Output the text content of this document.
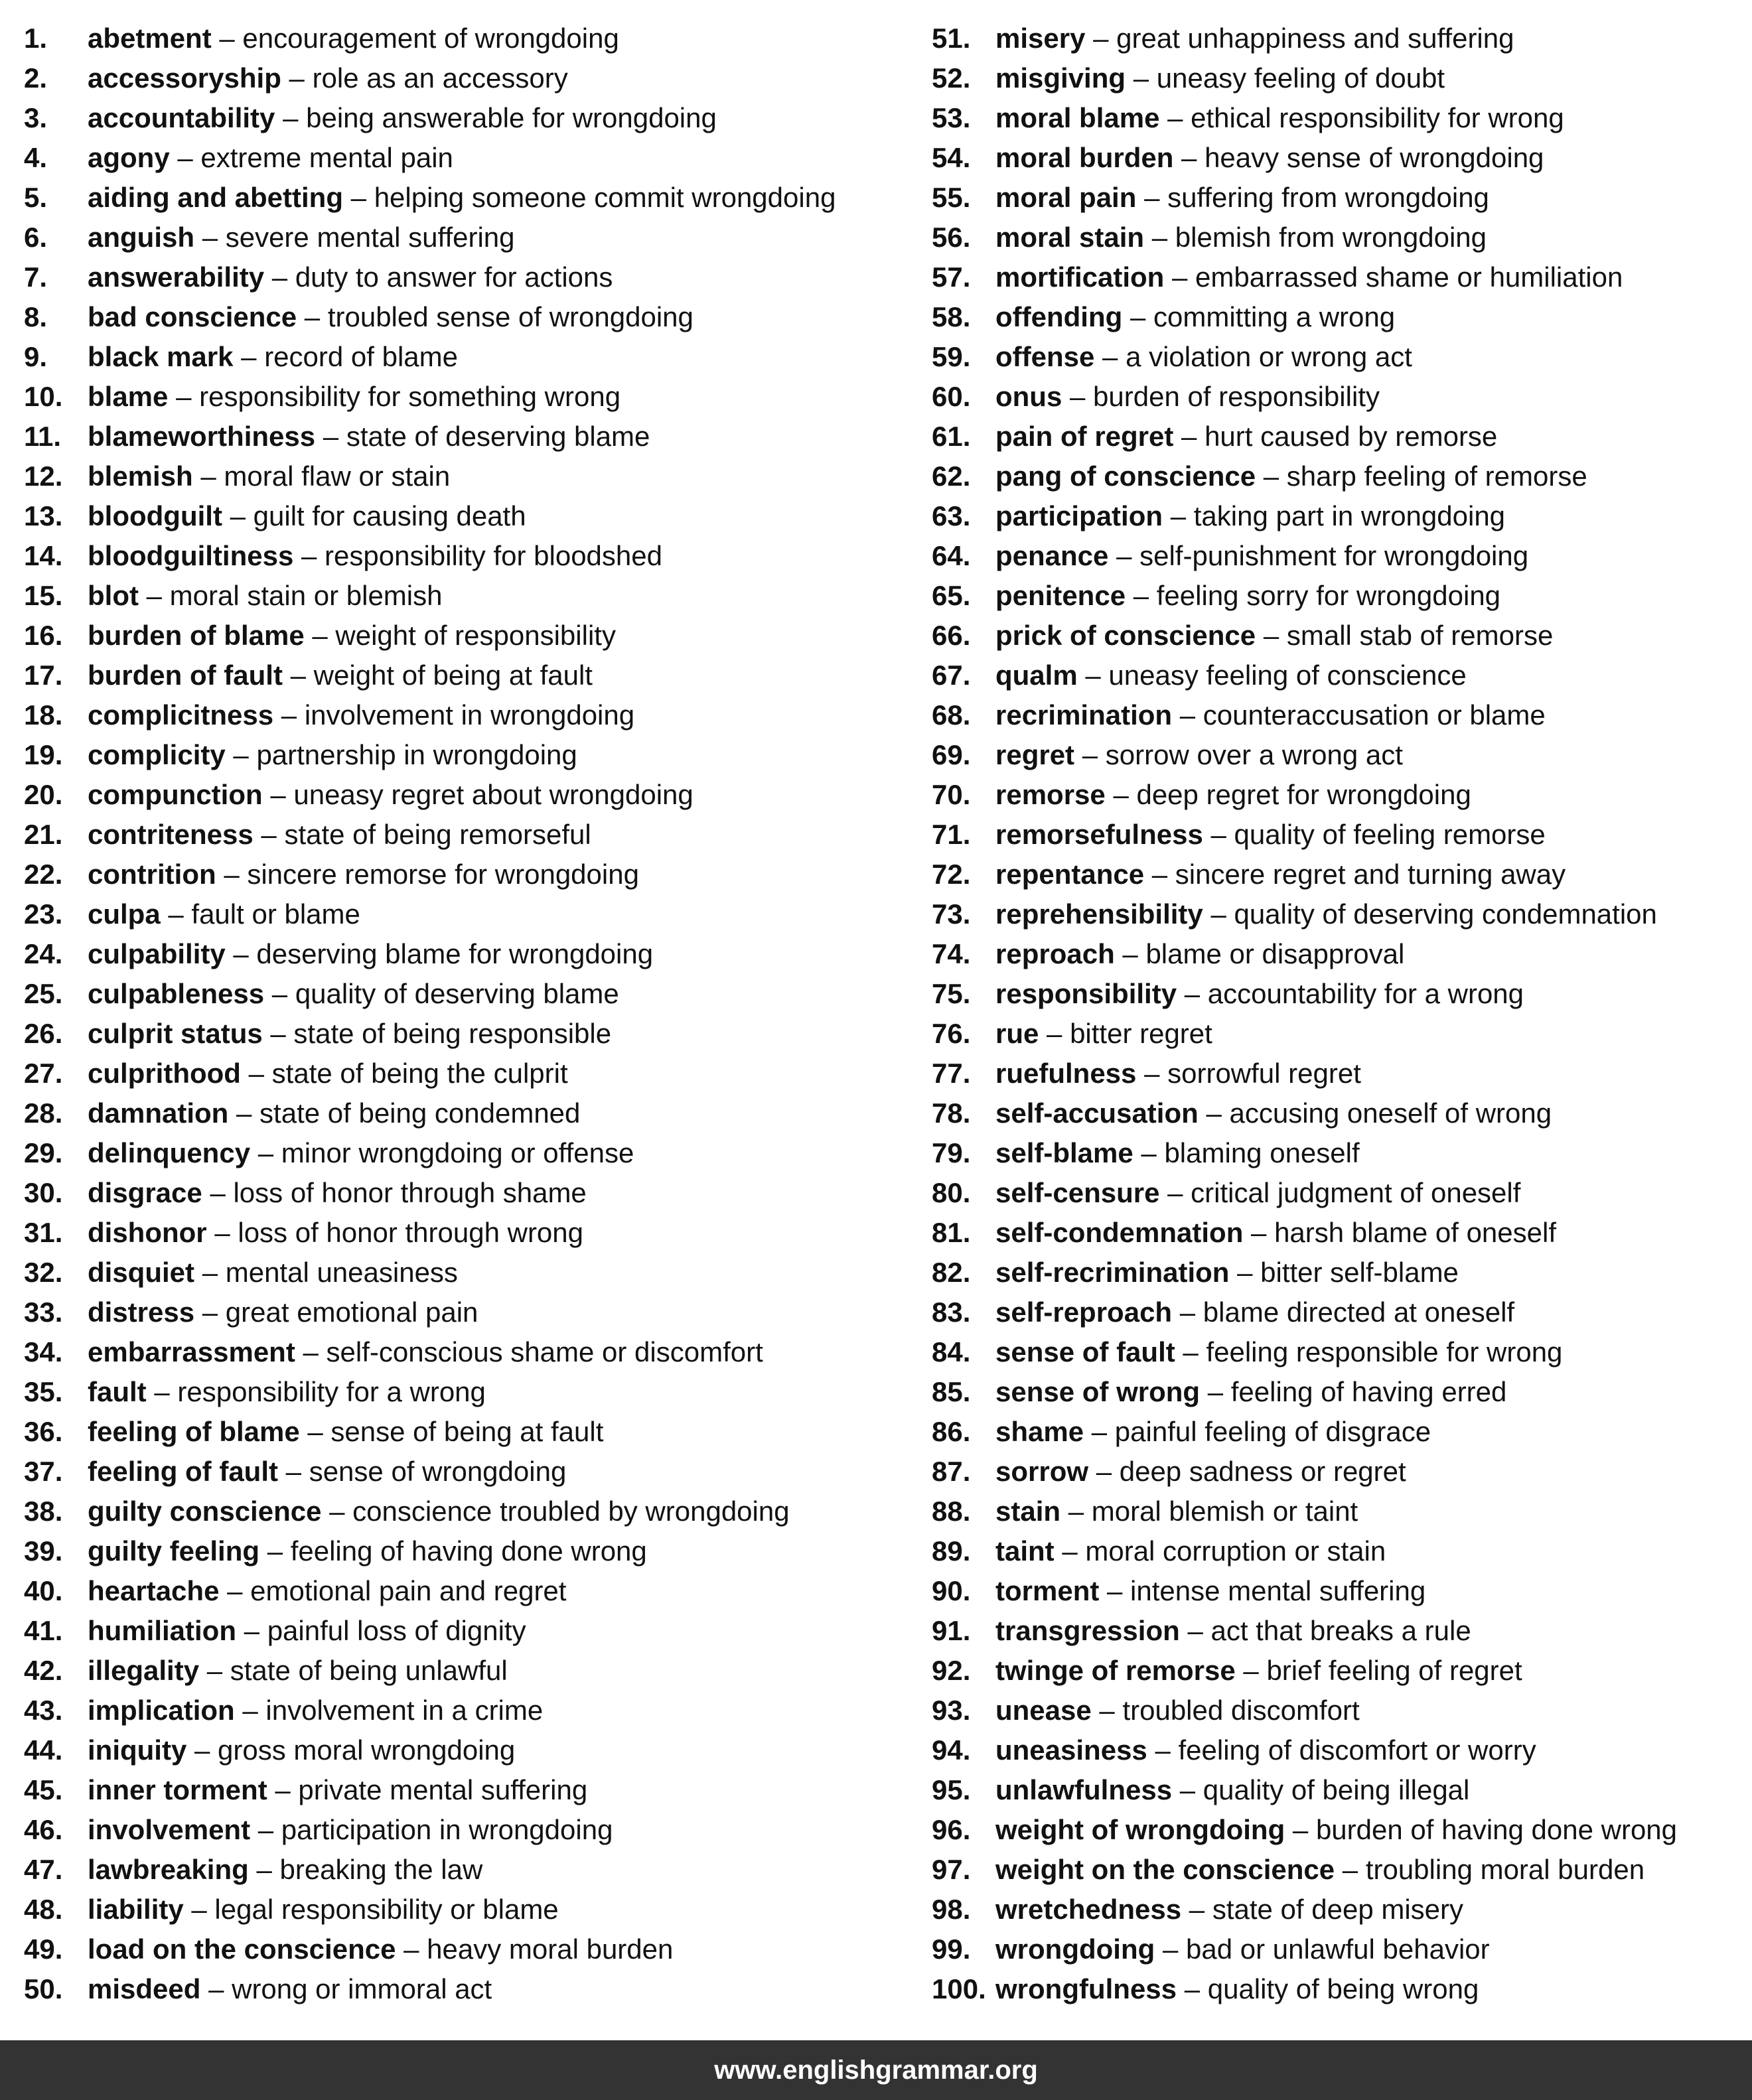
1. abetment – encouragement of wrongdoing
2. accessoryship – role as an accessory
3. accountability – being answerable for wrongdoing
4. agony – extreme mental pain
5. aiding and abetting – helping someone commit wrongdoing
6. anguish – severe mental suffering
7. answerability – duty to answer for actions
8. bad conscience – troubled sense of wrongdoing
9. black mark – record of blame
10. blame – responsibility for something wrong
11. blameworthiness – state of deserving blame
12. blemish – moral flaw or stain
13. bloodguilt – guilt for causing death
14. bloodguiltiness – responsibility for bloodshed
15. blot – moral stain or blemish
16. burden of blame – weight of responsibility
17. burden of fault – weight of being at fault
18. complicitness – involvement in wrongdoing
19. complicity – partnership in wrongdoing
20. compunction – uneasy regret about wrongdoing
21. contriteness – state of being remorseful
22. contrition – sincere remorse for wrongdoing
23. culpa – fault or blame
24. culpability – deserving blame for wrongdoing
25. culpableness – quality of deserving blame
26. culprit status – state of being responsible
27. culprithood – state of being the culprit
28. damnation – state of being condemned
29. delinquency – minor wrongdoing or offense
30. disgrace – loss of honor through shame
31. dishonor – loss of honor through wrong
32. disquiet – mental uneasiness
33. distress – great emotional pain
34. embarrassment – self-conscious shame or discomfort
35. fault – responsibility for a wrong
36. feeling of blame – sense of being at fault
37. feeling of fault – sense of wrongdoing
38. guilty conscience – conscience troubled by wrongdoing
39. guilty feeling – feeling of having done wrong
40. heartache – emotional pain and regret
41. humiliation – painful loss of dignity
42. illegality – state of being unlawful
43. implication – involvement in a crime
44. iniquity – gross moral wrongdoing
45. inner torment – private mental suffering
46. involvement – participation in wrongdoing
47. lawbreaking – breaking the law
48. liability – legal responsibility or blame
49. load on the conscience – heavy moral burden
50. misdeed – wrong or immoral act
51. misery – great unhappiness and suffering
52. misgiving – uneasy feeling of doubt
53. moral blame – ethical responsibility for wrong
54. moral burden – heavy sense of wrongdoing
55. moral pain – suffering from wrongdoing
56. moral stain – blemish from wrongdoing
57. mortification – embarrassed shame or humiliation
58. offending – committing a wrong
59. offense – a violation or wrong act
60. onus – burden of responsibility
61. pain of regret – hurt caused by remorse
62. pang of conscience – sharp feeling of remorse
63. participation – taking part in wrongdoing
64. penance – self-punishment for wrongdoing
65. penitence – feeling sorry for wrongdoing
66. prick of conscience – small stab of remorse
67. qualm – uneasy feeling of conscience
68. recrimination – counteraccusation or blame
69. regret – sorrow over a wrong act
70. remorse – deep regret for wrongdoing
71. remorsefulness – quality of feeling remorse
72. repentance – sincere regret and turning away
73. reprehensibility – quality of deserving condemnation
74. reproach – blame or disapproval
75. responsibility – accountability for a wrong
76. rue – bitter regret
77. ruefulness – sorrowful regret
78. self-accusation – accusing oneself of wrong
79. self-blame – blaming oneself
80. self-censure – critical judgment of oneself
81. self-condemnation – harsh blame of oneself
82. self-recrimination – bitter self-blame
83. self-reproach – blame directed at oneself
84. sense of fault – feeling responsible for wrong
85. sense of wrong – feeling of having erred
86. shame – painful feeling of disgrace
87. sorrow – deep sadness or regret
88. stain – moral blemish or taint
89. taint – moral corruption or stain
90. torment – intense mental suffering
91. transgression – act that breaks a rule
92. twinge of remorse – brief feeling of regret
93. unease – troubled discomfort
94. uneasiness – feeling of discomfort or worry
95. unlawfulness – quality of being illegal
96. weight of wrongdoing – burden of having done wrong
97. weight on the conscience – troubling moral burden
98. wretchedness – state of deep misery
99. wrongdoing – bad or unlawful behavior
100. wrongfulness – quality of being wrong
www.englishgrammar.org
